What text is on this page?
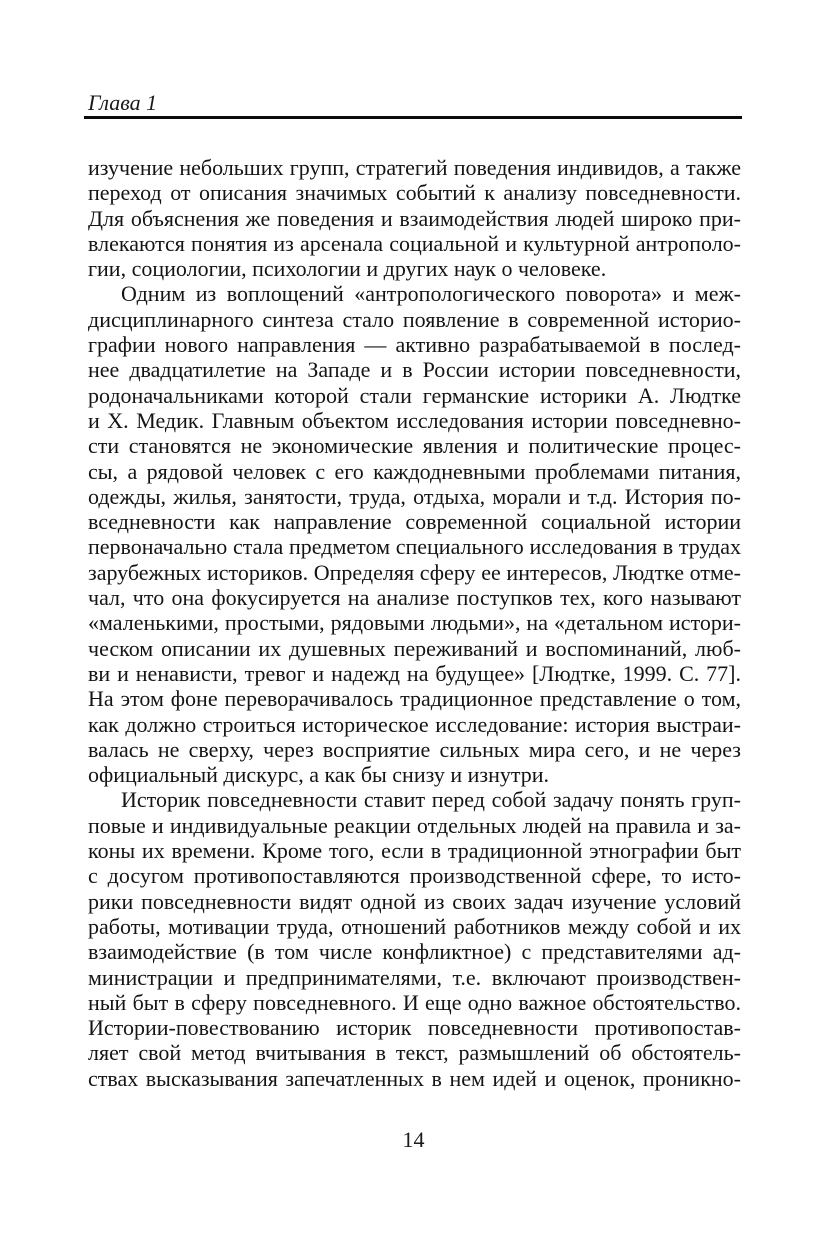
Глава 1
изучение небольших групп, стратегий поведения индивидов, а также
переход от описания значимых событий к анализу повседневности.
Для объяснения же поведения и взаимодействия людей широко при-
влекаются понятия из арсенала социальной и культурной антрополо-
гии, социологии, психологии и других наук о человеке.
Одним из воплощений «антропологического поворота» и меж-
дисциплинарного синтеза стало появление в современной историо-
графии нового направления — активно разрабатываемой в послед-
нее двадцатилетие на Западе и в России истории повседневности,
родоначальниками которой стали германские историки А. Людтке
и Х. Медик. Главным объектом исследования истории повседневно-
сти становятся не экономические явления и политические процес-
сы, а рядовой человек с его каждодневными проблемами питания,
одежды, жилья, занятости, труда, отдыха, морали и т.д. История по-
вседневности как направление современной социальной истории
первоначально стала предметом специального исследования в трудах
зарубежных историков. Определяя сферу ее интересов, Людтке отме-
чал, что она фокусируется на анализе поступков тех, кого называют
«маленькими, простыми, рядовыми людьми», на «детальном истори-
ческом описании их душевных переживаний и воспоминаний, люб-
ви и ненависти, тревог и надежд на будущее» [Людтке, 1999. С. 77].
На этом фоне переворачивалось традиционное представление о том,
как должно строиться историческое исследование: история выстраи-
валась не сверху, через восприятие сильных мира сего, и не через
официальный дискурс, а как бы снизу и изнутри.
Историк повседневности ставит перед собой задачу понять груп-
повые и индивидуальные реакции отдельных людей на правила и за-
коны их времени. Кроме того, если в традиционной этнографии быт
с досугом противопоставляются производственной сфере, то исто-
рики повседневности видят одной из своих задач изучение условий
работы, мотивации труда, отношений работников между собой и их
взаимодействие (в том числе конфликтное) с представителями ад-
министрации и предпринимателями, т.е. включают производствен-
ный быт в сферу повседневного. И еще одно важное обстоятельство.
Истории-повествованию историк повседневности противопостав-
ляет свой метод вчитывания в текст, размышлений об обстоятель-
ствах высказывания запечатленных в нем идей и оценок, проникно-
14
